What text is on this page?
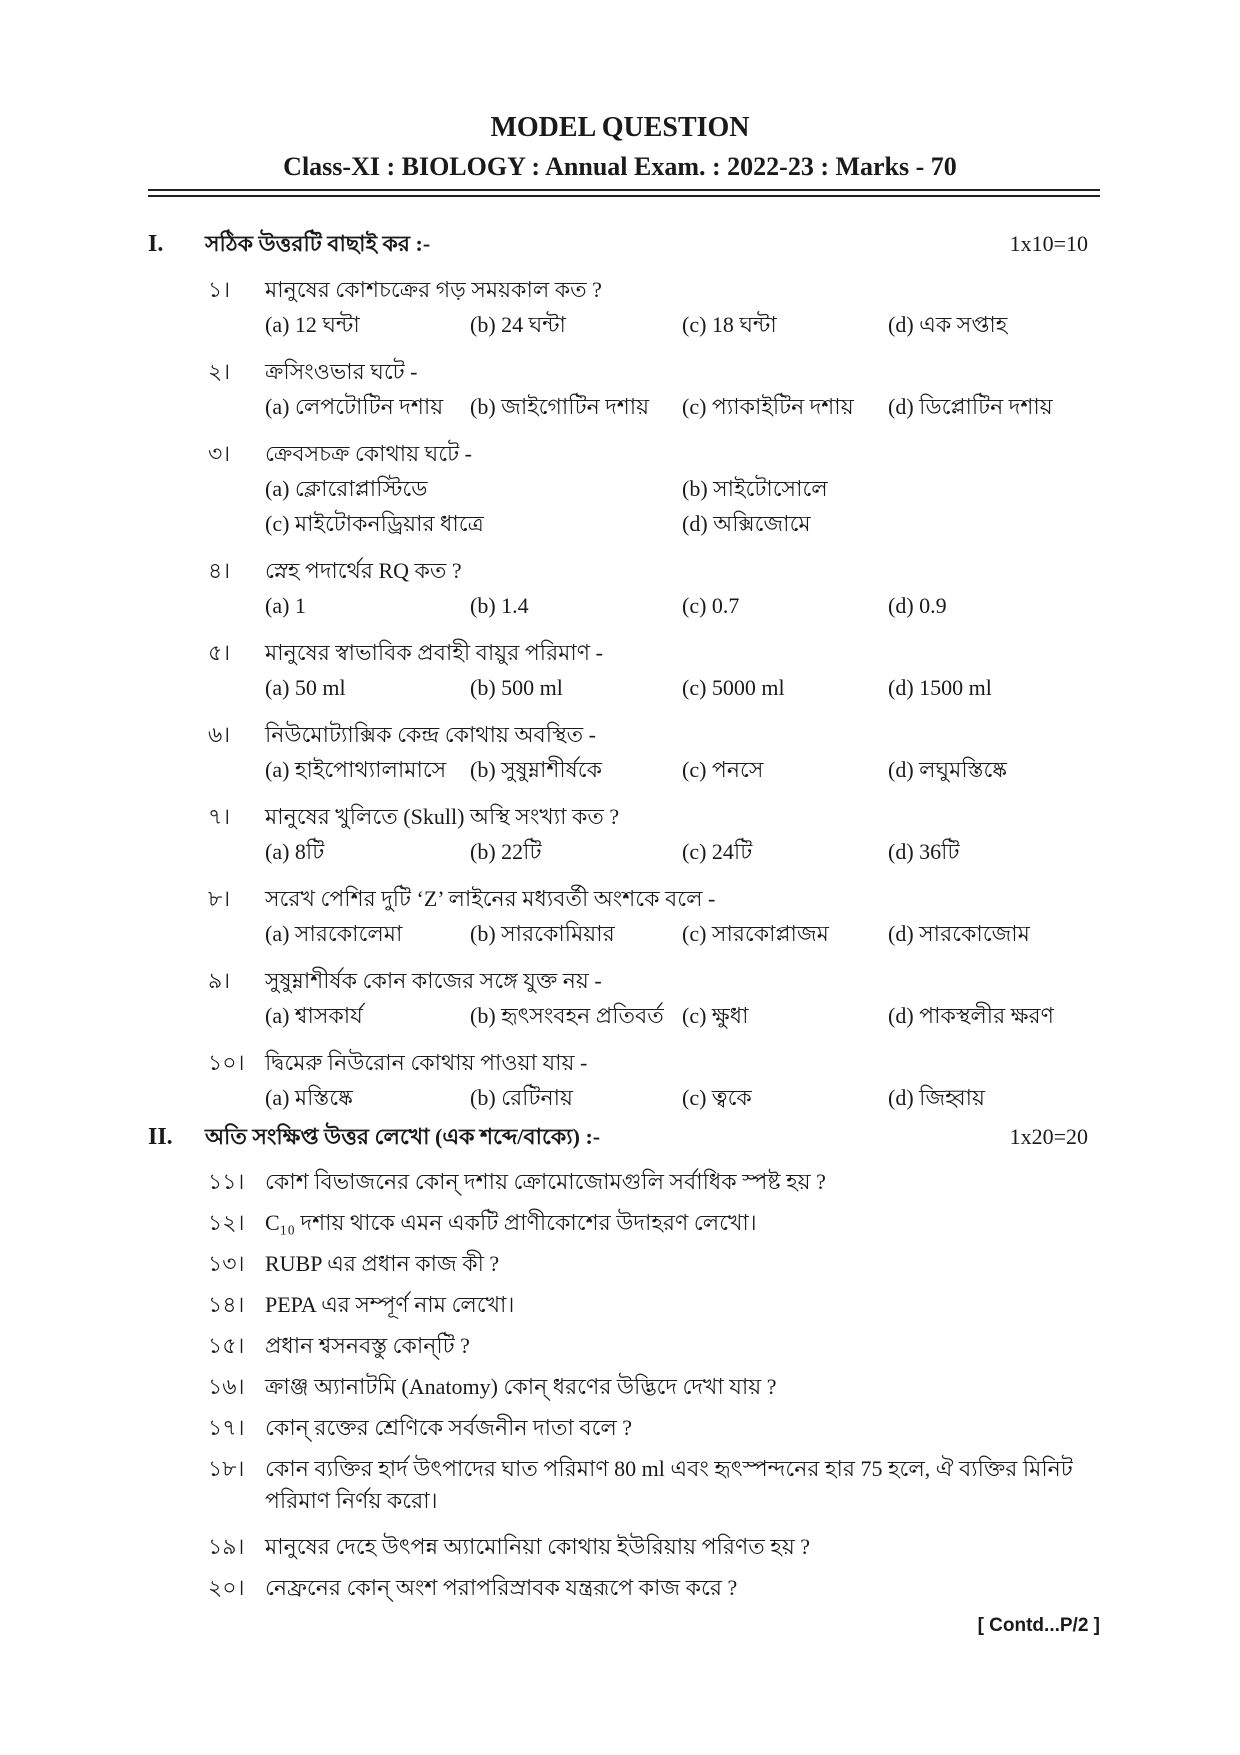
MODEL QUESTION
Class-XI : BIOLOGY : Annual Exam. : 2022-23 : Marks - 70
I. সঠিক উত্তরটি বাছাই কর :-	1x10=10
১। মানুষের কোশচক্রের গড় সময়কাল কত ?
(a) 12 ঘন্টা	(b) 24 ঘন্টা	(c) 18 ঘন্টা	(d) এক সপ্তাহ
২। ক্রসিংওভার ঘটে -
(a) লেপটোটিন দশায় (b) জাইগোটিন দশায় (c) প্যাকাইটিন দশায় (d) ডিপ্লোটিন দশায়
৩। ক্রেবসচক্র কোথায় ঘটে -
(a) ক্লোরোপ্লাস্টিডে	(b) সাইটোসোলে
(c) মাইটোকনড্রিয়ার ধাত্রে	(d) অক্সিজোমে
৪। স্নেহ পদার্থের RQ কত ?
(a) 1	(b) 1.4	(c) 0.7	(d) 0.9
৫। মানুষের স্বাভাবিক প্রবাহী বায়ুর পরিমাণ -
(a) 50 ml	(b) 500 ml	(c) 5000 ml	(d) 1500 ml
৬। নিউমোট্যাক্সিক কেন্দ্র কোথায় অবস্থিত -
(a) হাইপোথ্যালামাসে (b) সুষুম্নাশীর্ষকে	(c) পনসে	(d) লঘুমস্তিষ্কে
৭। মানুষের খুলিতে (Skull) অস্থি সংখ্যা কত ?
(a) 8টি	(b) 22টি	(c) 24টি	(d) 36টি
৮। সরেখ পেশির দুটি ‘Z’ লাইনের মধ্যবর্তী অংশকে বলে -
(a) সারকোলেমা	(b) সারকোমিয়ার	(c) সারকোপ্লাজম	(d) সারকোজোম
৯। সুষুম্নাশীর্ষক কোন কাজের সঙ্গে যুক্ত নয় -
(a) শ্বাসকার্য	(b) হৃৎসংবহন প্রতিবর্ত (c) ক্ষুধা	(d) পাকস্থলীর ক্ষরণ
১০। দ্বিমেরু নিউরোন কোথায় পাওয়া যায় -
(a) মস্তিষ্কে	(b) রেটিনায়	(c) ত্বকে	(d) জিহ্বায়
II. অতি সংক্ষিপ্ত উত্তর লেখো (এক শব্দে/বাক্যে) :-	1x20=20
১১। কোশ বিভাজনের কোন্ দশায় ক্রোমোজোমগুলি সর্বাধিক স্পষ্ট হয় ?
১২। C₁₀ দশায় থাকে এমন একটি প্রাণীকোশের উদাহরণ লেখো।
১৩। RUBP এর প্রধান কাজ কী ?
১৪। PEPA এর সম্পূর্ণ নাম লেখো।
১৫। প্রধান শ্বসনবস্তু কোন্‌টি ?
১৬। ক্রাঞ্জ অ্যানাটমি (Anatomy) কোন্ ধরণের উদ্ভিদে দেখা যায় ?
১৭। কোন্ রক্তের শ্রেণিকে সর্বজনীন দাতা বলে ?
১৮। কোন ব্যক্তির হার্দ উৎপাদের ঘাত পরিমাণ 80 ml এবং হৃৎস্পন্দনের হার 75 হলে, ঐ ব্যক্তির মিনিট
পরিমাণ নির্ণয় করো।
১৯। মানুষের দেহে উৎপন্ন অ্যামোনিয়া কোথায় ইউরিয়ায় পরিণত হয় ?
২০। নেফ্রনের কোন্ অংশ পরাপরিস্রাবক যন্ত্ররূপে কাজ করে ?
[ Contd...P/2 ]
